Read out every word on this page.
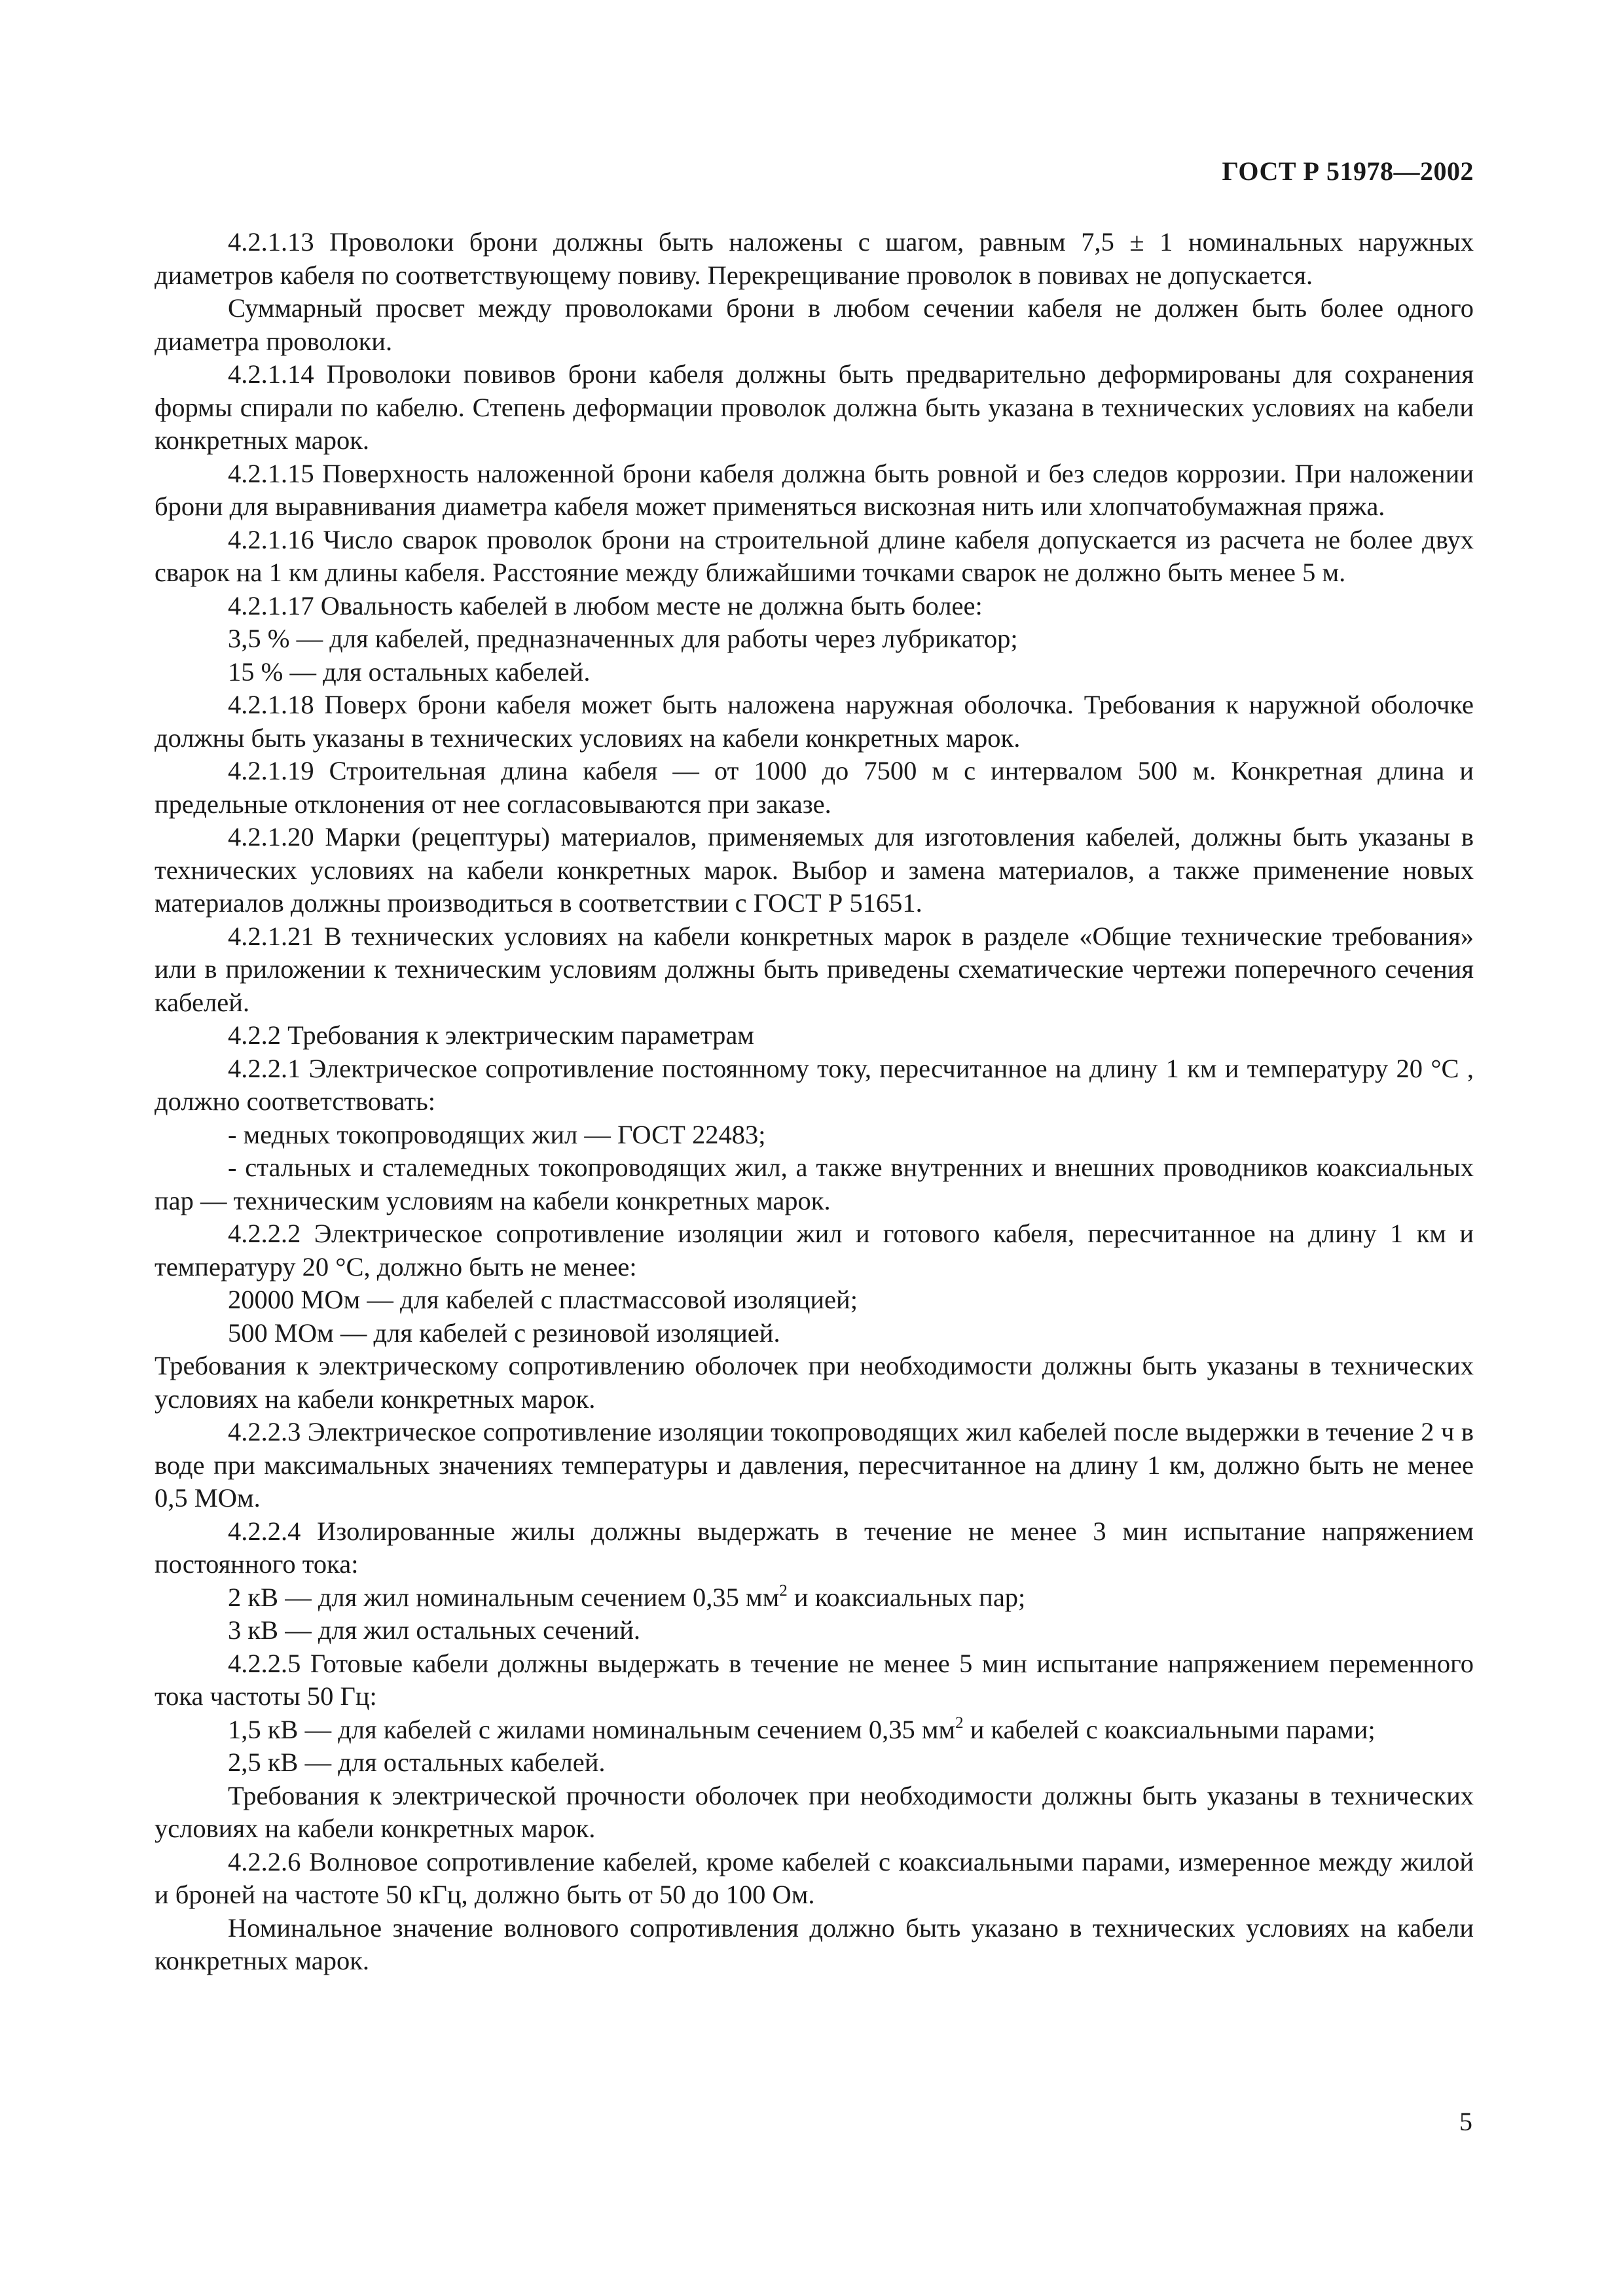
ГОСТ Р 51978—2002

4.2.1.13 Проволоки брони должны быть наложены с шагом, равным 7,5 ± 1 номинальных наружных диаметров кабеля по соответствующему повиву. Перекрещивание проволок в повивах не допускается.

Суммарный просвет между проволоками брони в любом сечении кабеля не должен быть более одного диаметра проволоки.

4.2.1.14 Проволоки повивов брони кабеля должны быть предварительно деформированы для сохранения формы спирали по кабелю. Степень деформации проволок должна быть указана в технических условиях на кабели конкретных марок.

4.2.1.15 Поверхность наложенной брони кабеля должна быть ровной и без следов коррозии. При наложении брони для выравнивания диаметра кабеля может применяться вискозная нить или хлопчатобумажная пряжа.

4.2.1.16 Число сварок проволок брони на строительной длине кабеля допускается из расчета не более двух сварок на 1 км длины кабеля. Расстояние между ближайшими точками сварок не должно быть менее 5 м.

4.2.1.17 Овальность кабелей в любом месте не должна быть более:

3,5 % — для кабелей, предназначенных для работы через лубрикатор;

15 % — для остальных кабелей.

4.2.1.18 Поверх брони кабеля может быть наложена наружная оболочка. Требования к наружной оболочке должны быть указаны в технических условиях на кабели конкретных марок.

4.2.1.19 Строительная длина кабеля — от 1000 до 7500 м с интервалом 500 м. Конкретная длина и предельные отклонения от нее согласовываются при заказе.

4.2.1.20 Марки (рецептуры) материалов, применяемых для изготовления кабелей, должны быть указаны в технических условиях на кабели конкретных марок. Выбор и замена материалов, а также применение новых материалов должны производиться в соответствии с ГОСТ Р 51651.

4.2.1.21 В технических условиях на кабели конкретных марок в разделе «Общие технические требования» или в приложении к техническим условиям должны быть приведены схематические чертежи поперечного сечения кабелей.

4.2.2 Требования к электрическим параметрам

4.2.2.1 Электрическое сопротивление постоянному току, пересчитанное на длину 1 км и температуру 20 °С , должно соответствовать:

- медных токопроводящих жил — ГОСТ 22483;

- стальных и сталемедных токопроводящих жил, а также внутренних и внешних проводников коаксиальных пар — техническим условиям на кабели конкретных марок.

4.2.2.2 Электрическое сопротивление изоляции жил и готового кабеля, пересчитанное на длину 1 км и температуру 20 °С, должно быть не менее:

20000 МОм — для кабелей с пластмассовой изоляцией;

500 МОм — для кабелей с резиновой изоляцией.

Требования к электрическому сопротивлению оболочек при необходимости должны быть указаны в технических условиях на кабели конкретных марок.

4.2.2.3 Электрическое сопротивление изоляции токопроводящих жил кабелей после выдержки в течение 2 ч в воде при максимальных значениях температуры и давления, пересчитанное на длину 1 км, должно быть не менее 0,5 МОм.

4.2.2.4 Изолированные жилы должны выдержать в течение не менее 3 мин испытание напряжением постоянного тока:

2 кВ — для жил номинальным сечением 0,35 $мм^2$ и коаксиальных пар;

3 кВ — для жил остальных сечений.

4.2.2.5 Готовые кабели должны выдержать в течение не менее 5 мин испытание напряжением переменного тока частоты 50 Гц:

1,5 кВ — для кабелей с жилами номинальным сечением 0,35 $мм^2$ и кабелей с коаксиальными парами;

2,5 кВ — для остальных кабелей.

Требования к электрической прочности оболочек при необходимости должны быть указаны в технических условиях на кабели конкретных марок.

4.2.2.6 Волновое сопротивление кабелей, кроме кабелей с коаксиальными парами, измеренное между жилой и броней на частоте 50 кГц, должно быть от 50 до 100 Ом.

Номинальное значение волнового сопротивления должно быть указано в технических условиях на кабели конкретных марок.

5
